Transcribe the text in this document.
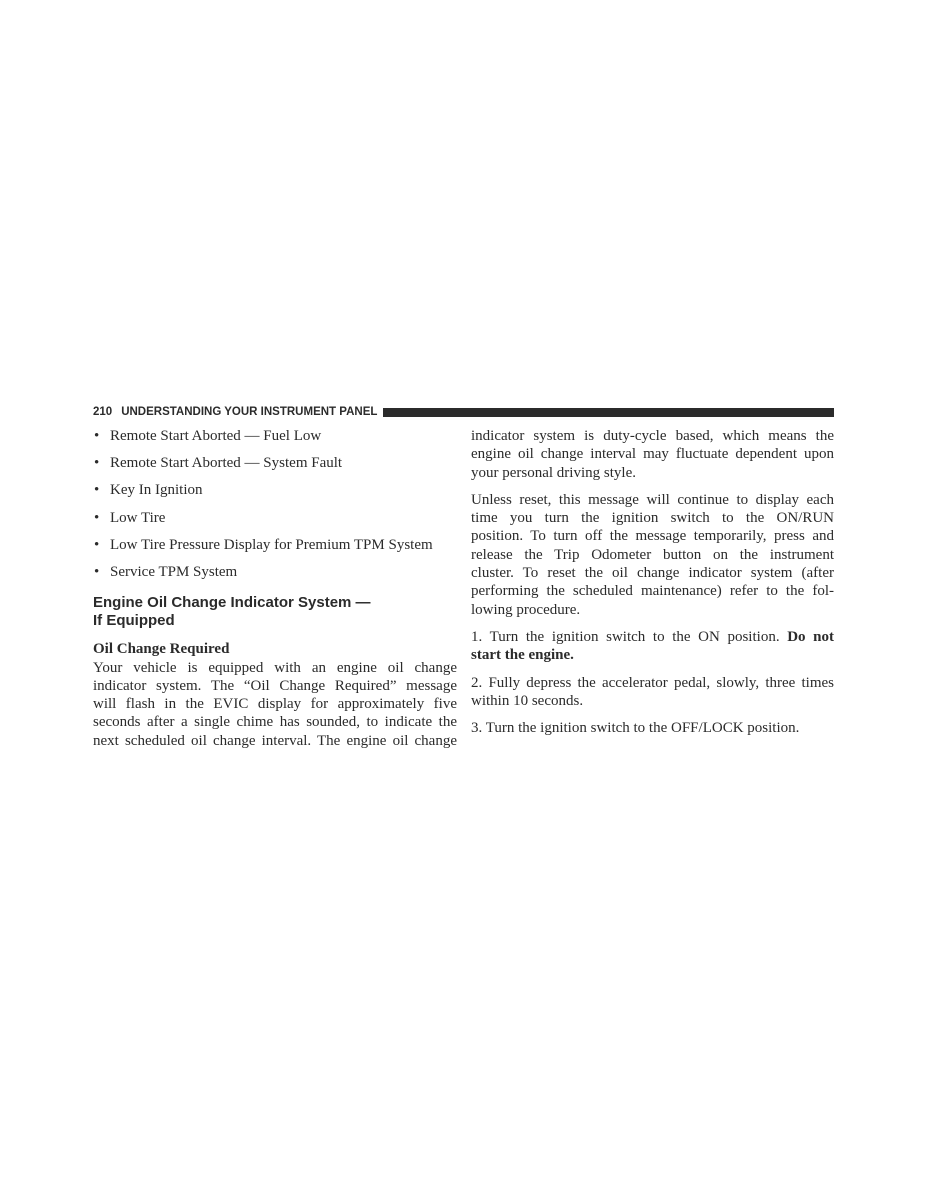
210 UNDERSTANDING YOUR INSTRUMENT PANEL
• Remote Start Aborted — Fuel Low
• Remote Start Aborted — System Fault
• Key In Ignition
• Low Tire
• Low Tire Pressure Display for Premium TPM System
• Service TPM System
Engine Oil Change Indicator System —
If Equipped
Oil Change Required
Your vehicle is equipped with an engine oil change
indicator system. The “Oil Change Required” message
will flash in the EVIC display for approximately five
seconds after a single chime has sounded, to indicate the
next scheduled oil change interval. The engine oil change
indicator system is duty-cycle based, which means the
engine oil change interval may fluctuate dependent upon
your personal driving style.
Unless reset, this message will continue to display each
time you turn the ignition switch to the ON/RUN
position. To turn off the message temporarily, press and
release the Trip Odometer button on the instrument
cluster. To reset the oil change indicator system (after
performing the scheduled maintenance) refer to the fol-
lowing procedure.
1. Turn the ignition switch to the ON position. Do not
start the engine.
2. Fully depress the accelerator pedal, slowly, three times
within 10 seconds.
3. Turn the ignition switch to the OFF/LOCK position.
